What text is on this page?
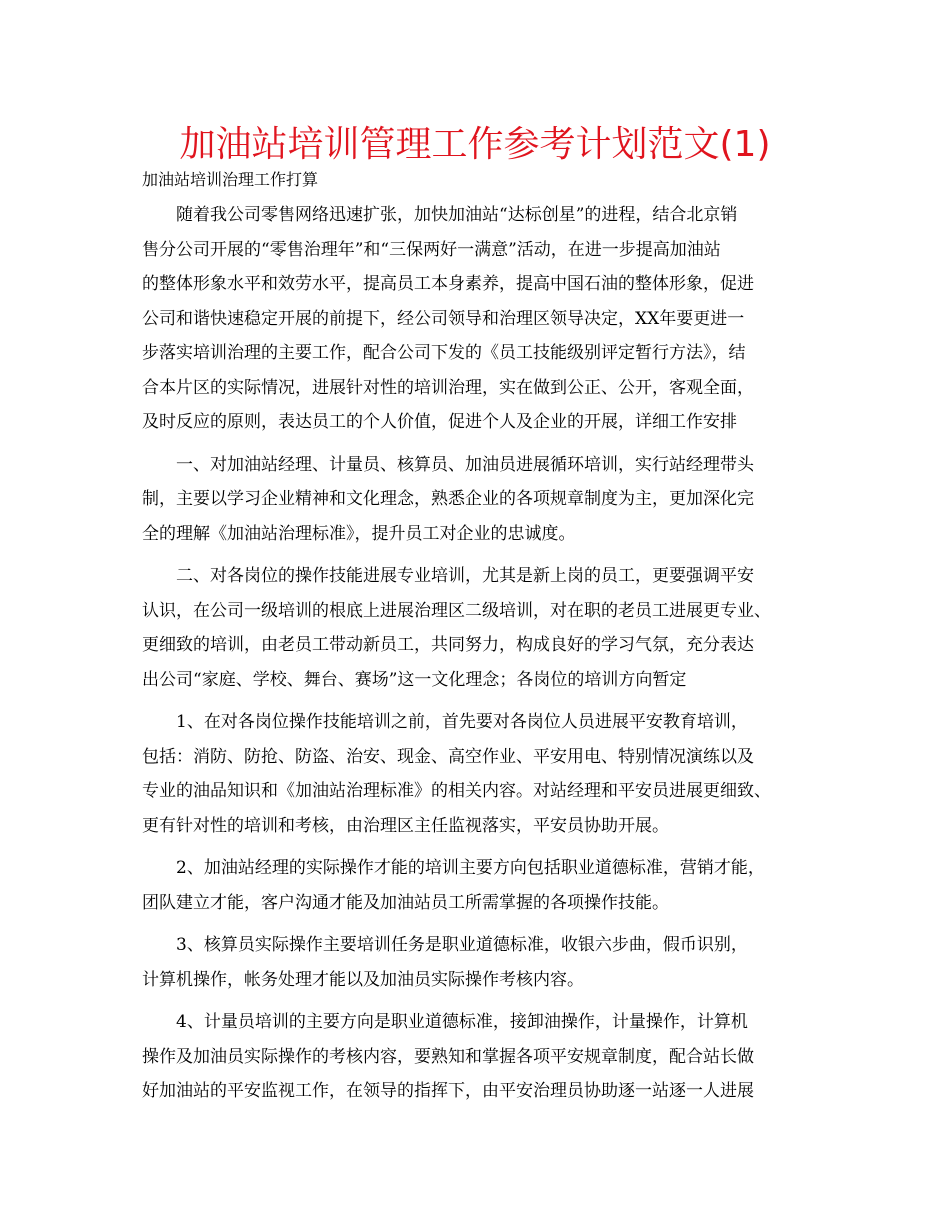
加油站培训管理工作参考计划范文(1)

加油站培训治理工作打算

随着我公司零售网络迅速扩张，加快加油站“达标创星”的进程，结合北京销
售分公司开展的“零售治理年”和“三保两好一满意”活动，在进一步提高加油站
的整体形象水平和效劳水平，提高员工本身素养，提高中国石油的整体形象，促进
公司和谐快速稳定开展的前提下，经公司领导和治理区领导决定，XX年要更进一
步落实培训治理的主要工作，配合公司下发的《员工技能级别评定暂行方法》，结
合本片区的实际情况，进展针对性的培训治理，实在做到公正、公开，客观全面，
及时反应的原则，表达员工的个人价值，促进个人及企业的开展，详细工作安排
一、对加油站经理、计量员、核算员、加油员进展循环培训，实行站经理带头
制，主要以学习企业精神和文化理念，熟悉企业的各项规章制度为主，更加深化完
全的理解《加油站治理标准》，提升员工对企业的忠诚度。
二、对各岗位的操作技能进展专业培训，尤其是新上岗的员工，更要强调平安
认识，在公司一级培训的根底上进展治理区二级培训，对在职的老员工进展更专业、
更细致的培训，由老员工带动新员工，共同努力，构成良好的学习气氛，充分表达
出公司“家庭、学校、舞台、赛场”这一文化理念；各岗位的培训方向暂定
1、在对各岗位操作技能培训之前，首先要对各岗位人员进展平安教育培训，
包括：消防、防抢、防盗、治安、现金、高空作业、平安用电、特别情况演练以及
专业的油品知识和《加油站治理标准》的相关内容。对站经理和平安员进展更细致、
更有针对性的培训和考核，由治理区主任监视落实，平安员协助开展。
2、加油站经理的实际操作才能的培训主要方向包括职业道德标准，营销才能，
团队建立才能，客户沟通才能及加油站员工所需掌握的各项操作技能。
3、核算员实际操作主要培训任务是职业道德标准，收银六步曲，假币识别，
计算机操作，帐务处理才能以及加油员实际操作考核内容。
4、计量员培训的主要方向是职业道德标准，接卸油操作，计量操作，计算机
操作及加油员实际操作的考核内容，要熟知和掌握各项平安规章制度，配合站长做
好加油站的平安监视工作，在领导的指挥下，由平安治理员协助逐一站逐一人进展
